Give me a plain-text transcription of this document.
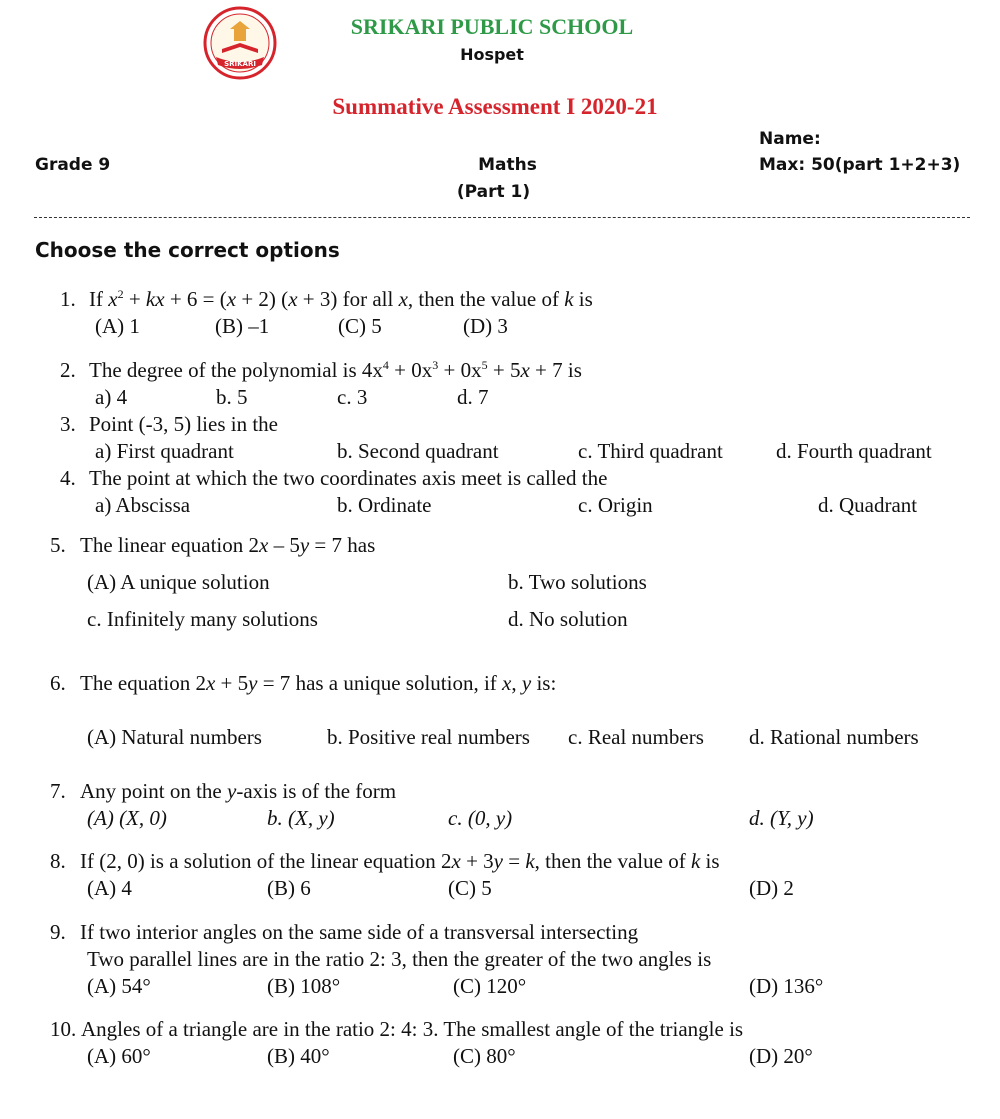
SRIKARI
SRIKARI PUBLIC SCHOOL
Hospet
Summative Assessment I 2020-21
Name:
Grade 9	Maths	Max: 50(part 1+2+3)
(Part 1)
Choose the correct options
1. If $x^2$ + kx + 6 = (x + 2) (x + 3) for all x, then the value of k is
(A) 1	(B) –1	(C) 5	(D) 3
2. The degree of the polynomial is $4x^4 + 0x^3 + 0x^5 + 5x + 7$ is
a) 4	b. 5	c. 3	d. 7
3. Point (-3, 5) lies in the
a) First quadrant	b. Second quadrant	c. Third quadrant	d. Fourth quadrant
4. The point at which the two coordinates axis meet is called the
a) Abscissa	b. Ordinate	c. Origin	d. Quadrant
5. The linear equation 2x – 5y = 7 has
(A) A unique solution	b. Two solutions
c. Infinitely many solutions	d. No solution
6. The equation 2x + 5y = 7 has a unique solution, if x, y is:
(A) Natural numbers	b. Positive real numbers c. Real numbers d. Rational numbers
7. Any point on the y-axis is of the form
(A) (X, 0)	b. (X, y)	c. (0, y)	d. (Y, y)
8. If (2, 0) is a solution of the linear equation 2x + 3y = k, then the value of k is
(A) 4	(B) 6	(C) 5	(D) 2
9. If two interior angles on the same side of a transversal intersecting
Two parallel lines are in the ratio 2: 3, then the greater of the two angles is
(A) 54°	(B) 108°	(C) 120°	(D) 136°
10. Angles of a triangle are in the ratio 2: 4: 3. The smallest angle of the triangle is
(A) 60°	(B) 40°	(C) 80°	(D) 20°
